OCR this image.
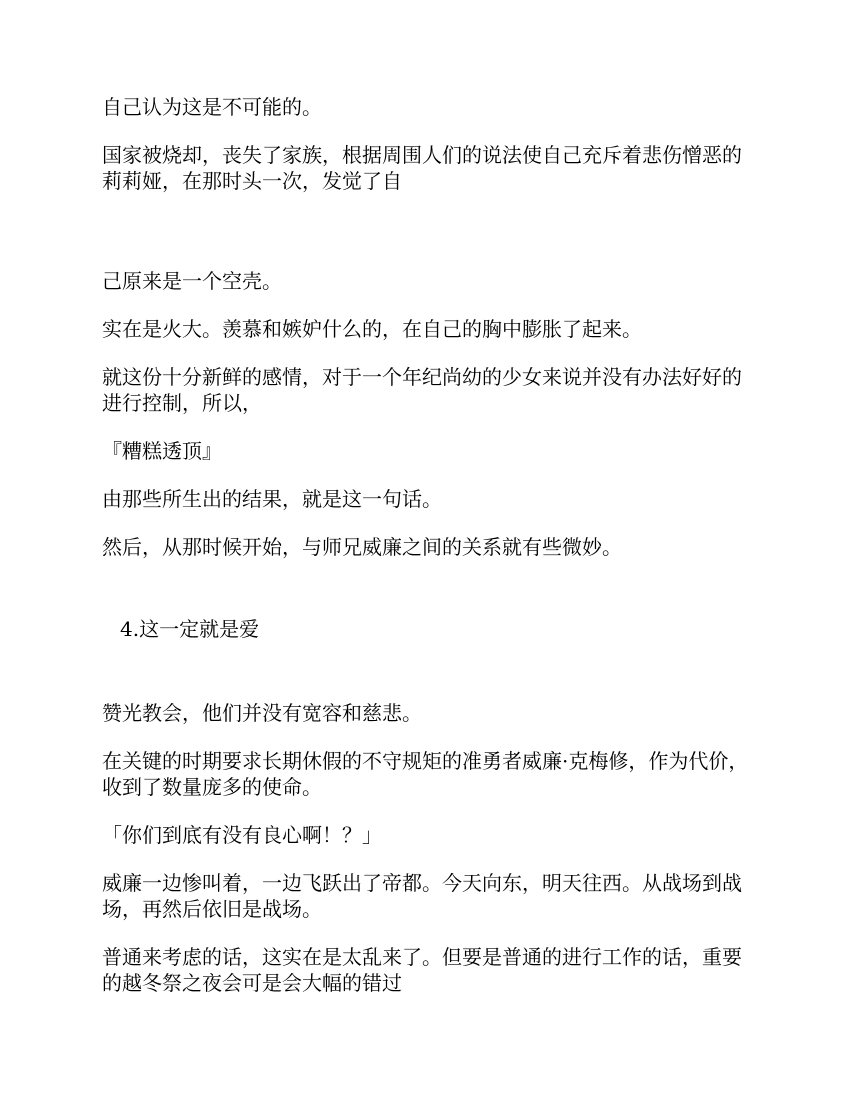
自己认为这是不可能的。

国家被烧却，丧失了家族，根据周围人们的说法使自己充斥着悲伤憎恶的莉莉娅，在那时头一次，发觉了自

己原来是一个空壳。

实在是火大。羡慕和嫉妒什么的，在自己的胸中膨胀了起来。

就这份十分新鲜的感情，对于一个年纪尚幼的少女来说并没有办法好好的进行控制，所以，

『糟糕透顶』

由那些所生出的结果，就是这一句话。

然后，从那时候开始，与师兄威廉之间的关系就有些微妙。

4.这一定就是爱

赞光教会，他们并没有宽容和慈悲。

在关键的时期要求长期休假的不守规矩的准勇者威廉·克梅修，作为代价，收到了数量庞多的使命。

「你们到底有没有良心啊！？」

威廉一边惨叫着，一边飞跃出了帝都。今天向东，明天往西。从战场到战场，再然后依旧是战场。

普通来考虑的话，这实在是太乱来了。但要是普通的进行工作的话，重要的越冬祭之夜会可是会大幅的错过
